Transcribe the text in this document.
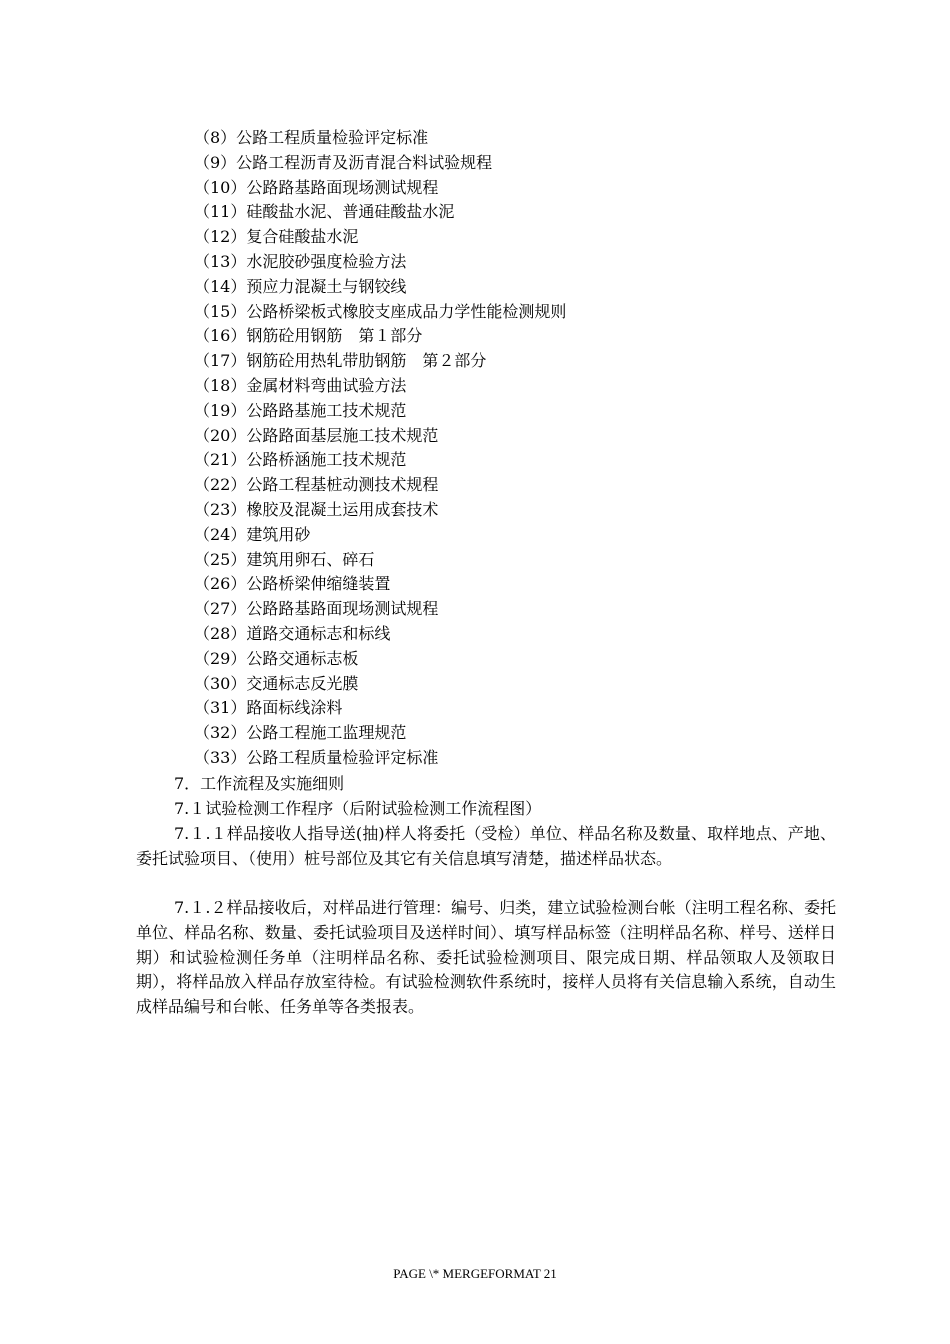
（8）公路工程质量检验评定标准
（9）公路工程沥青及沥青混合料试验规程
（10）公路路基路面现场测试规程
（11）硅酸盐水泥、普通硅酸盐水泥
（12）复合硅酸盐水泥
（13）水泥胶砂强度检验方法
（14）预应力混凝土与钢铰线
（15）公路桥梁板式橡胶支座成品力学性能检测规则
（16）钢筋砼用钢筋　第１部分
（17）钢筋砼用热轧带肋钢筋　第２部分
（18）金属材料弯曲试验方法
（19）公路路基施工技术规范
（20）公路路面基层施工技术规范
（21）公路桥涵施工技术规范
（22）公路工程基桩动测技术规程
（23）橡胶及混凝土运用成套技术
（24）建筑用砂
（25）建筑用卵石、碎石
（26）公路桥梁伸缩缝装置
（27）公路路基路面现场测试规程
（28）道路交通标志和标线
（29）公路交通标志板
（30）交通标志反光膜
（31）路面标线涂料
（32）公路工程施工监理规范
（33）公路工程质量检验评定标准
7．工作流程及实施细则
7.１试验检测工作程序（后附试验检测工作流程图）
7.１.１样品接收人指导送(抽)样人将委托（受检）单位、样品名称及数量、取样地点、产地、委托试验项目、（使用）桩号部位及其它有关信息填写清楚，描述样品状态。
7.１.２样品接收后，对样品进行管理：编号、归类，建立试验检测台帐（注明工程名称、委托单位、样品名称、数量、委托试验项目及送样时间）、填写样品标签（注明样品名称、样号、送样日期）和试验检测任务单（注明样品名称、委托试验检测项目、限完成日期、样品领取人及领取日期），将样品放入样品存放室待检。有试验检测软件系统时，接样人员将有关信息输入系统，自动生成样品编号和台帐、任务单等各类报表。
PAGE \* MERGEFORMAT 21
